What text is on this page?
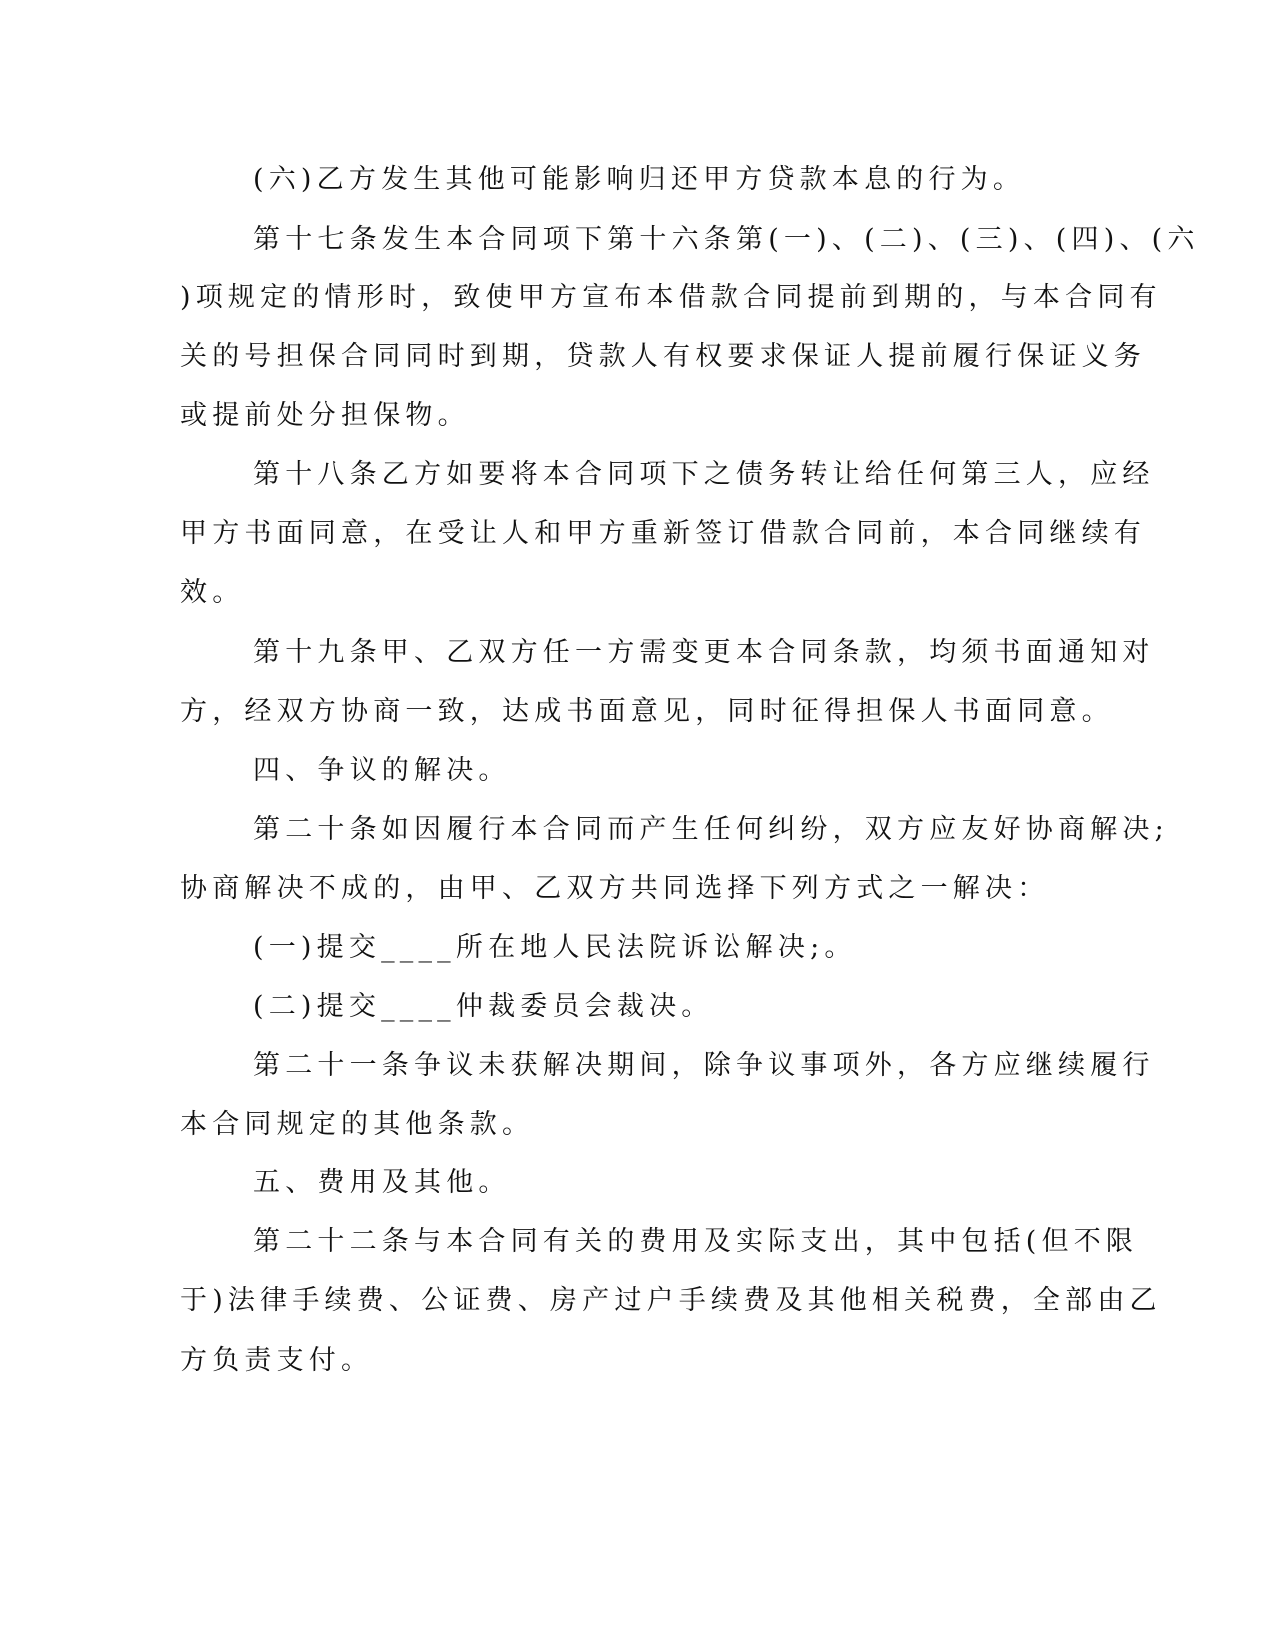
(六)乙方发生其他可能影响归还甲方贷款本息的行为。
第十七条发生本合同项下第十六条第(一)、(二)、(三)、(四)、(六
)项规定的情形时，致使甲方宣布本借款合同提前到期的，与本合同有
关的号担保合同同时到期，贷款人有权要求保证人提前履行保证义务
或提前处分担保物。
第十八条乙方如要将本合同项下之债务转让给任何第三人，应经
甲方书面同意，在受让人和甲方重新签订借款合同前，本合同继续有
效。
第十九条甲、乙双方任一方需变更本合同条款，均须书面通知对
方，经双方协商一致，达成书面意见，同时征得担保人书面同意。
四、争议的解决。
第二十条如因履行本合同而产生任何纠纷，双方应友好协商解决;
协商解决不成的，由甲、乙双方共同选择下列方式之一解决：
(一)提交____所在地人民法院诉讼解决;。
(二)提交____仲裁委员会裁决。
第二十一条争议未获解决期间，除争议事项外，各方应继续履行
本合同规定的其他条款。
五、费用及其他。
第二十二条与本合同有关的费用及实际支出，其中包括(但不限
于)法律手续费、公证费、房产过户手续费及其他相关税费，全部由乙
方负责支付。
